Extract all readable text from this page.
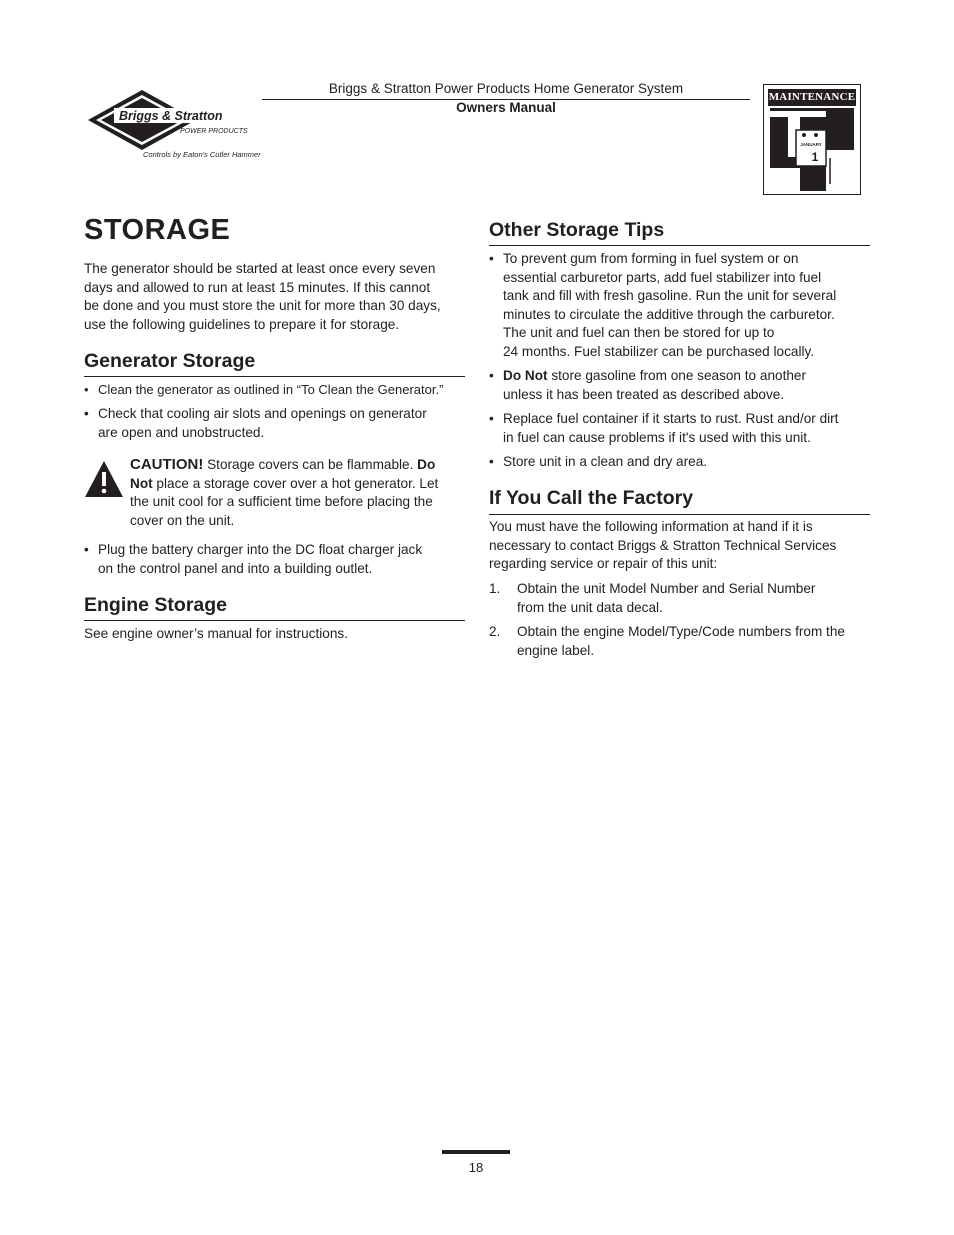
Briggs & Stratton
POWER PRODUCTS
Controls by Eaton's Cutler Hammer
Briggs & Stratton Power Products Home Generator System
Owners Manual
MAINTENANCE
JANUARY
1
STORAGE
The generator should be started at least once every seven
days and allowed to run at least 15 minutes. If this cannot
be done and you must store the unit for more than 30 days,
use the following guidelines to prepare it for storage.
Generator Storage
• Clean the generator as outlined in “To Clean the Generator.”
• Check that cooling air slots and openings on generator
are open and unobstructed.
CAUTION! Storage covers can be flammable. Do
Not place a storage cover over a hot generator. Let
the unit cool for a sufficient time before placing the
cover on the unit.
• Plug the battery charger into the DC float charger jack
on the control panel and into a building outlet.
Engine Storage
See engine owner’s manual for instructions.
Other Storage Tips
• To prevent gum from forming in fuel system or on
essential carburetor parts, add fuel stabilizer into fuel
tank and fill with fresh gasoline. Run the unit for several
minutes to circulate the additive through the carburetor.
The unit and fuel can then be stored for up to
24 months. Fuel stabilizer can be purchased locally.
• Do Not store gasoline from one season to another
unless it has been treated as described above.
• Replace fuel container if it starts to rust. Rust and/or dirt
in fuel can cause problems if it's used with this unit.
• Store unit in a clean and dry area.
If You Call the Factory
You must have the following information at hand if it is
necessary to contact Briggs & Stratton Technical Services
regarding service or repair of this unit:
1. Obtain the unit Model Number and Serial Number
from the unit data decal.
2. Obtain the engine Model/Type/Code numbers from the
engine label.
18
